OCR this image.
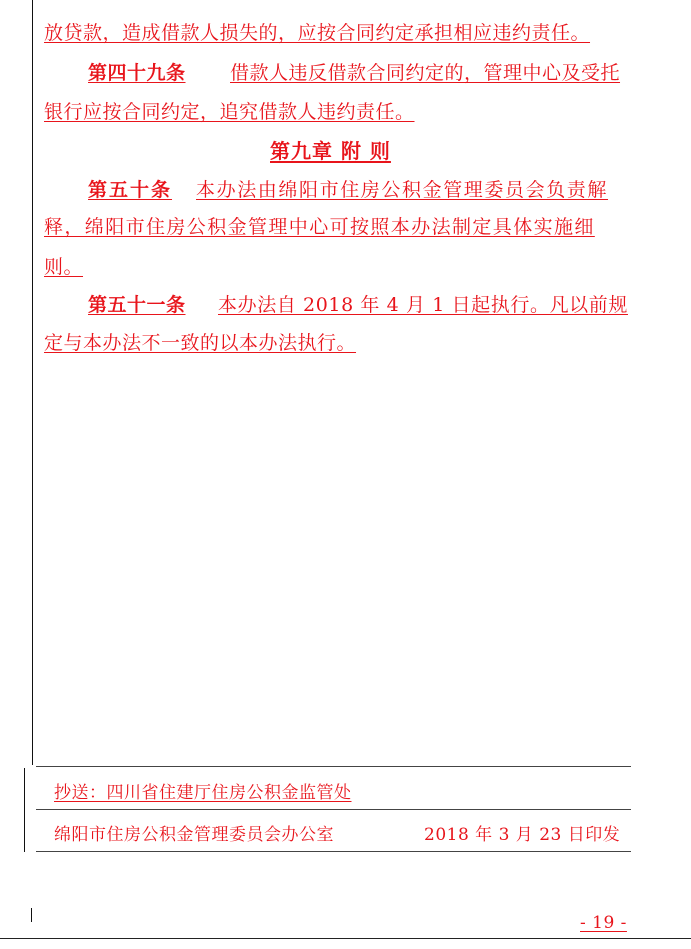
放贷款，造成借款人损失的，应按合同约定承担相应违约责任。
第四十九条 借款人违反借款合同约定的，管理中心及受托
银行应按合同约定，追究借款人违约责任。
第九章 附 则
第五十条 本办法由绵阳市住房公积金管理委员会负责解
释，绵阳市住房公积金管理中心可按照本办法制定具体实施细
则。
第五十一条 本办法自 2018 年 4 月 1 日起执行。凡以前规
定与本办法不一致的以本办法执行。
抄送：四川省住建厅住房公积金监管处
绵阳市住房公积金管理委员会办公室	2018 年 3 月 23 日印发
- 19 -
